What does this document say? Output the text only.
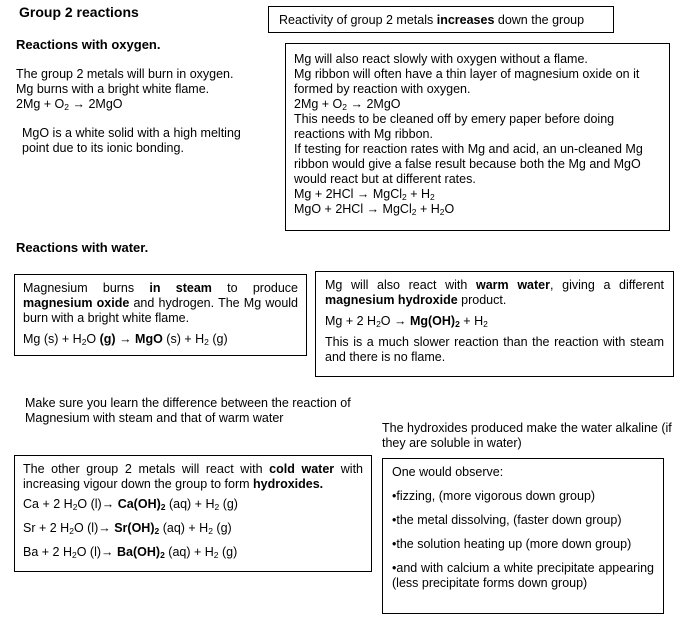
Group 2 reactions	Reactivity of group 2 metals increases down the group
Reactions with oxygen.
The group 2 metals will burn in oxygen.
Mg burns with a bright white flame.
$2Mg + O_2 \to 2MgO$
MgO is a white solid with a high melting point due to its ionic bonding.
Mg will also react slowly with oxygen without a flame.
Mg ribbon will often have a thin layer of magnesium oxide on it formed by reaction with oxygen.
$2Mg + O_2 \to 2MgO$
This needs to be cleaned off by emery paper before doing reactions with Mg ribbon.
If testing for reaction rates with Mg and acid, an un-cleaned Mg ribbon would give a false result because both the Mg and MgO would react but at different rates.
Mg + 2HCl → MgCl$_2$ + $H_2$
MgO + 2HCl → MgCl$_2$ + $H_2O$
Reactions with water.
Magnesium burns in steam to produce magnesium oxide and hydrogen. The Mg would burn with a bright white flame.
Mg $(s) + H_2O$ (g) → MgO $(s) + H_2$ (g)
Mg will also react with warm water, giving a different magnesium hydroxide product.
Mg + 2 $H_2O \to Mg(OH)_2 + H_2$
This is a much slower reaction than the reaction with steam and there is no flame.
Make sure you learn the difference between the reaction of Magnesium with steam and that of warm water
The hydroxides produced make the water alkaline (if they are soluble in water)
The other group 2 metals will react with cold water with increasing vigour down the group to form hydroxides.
Ca + 2 $H_2O$ $(l)\to Ca(OH)_2$ $(aq) + H_2$ (g)
Sr + 2 $H_2O$ $(l)\to Sr(OH)_2$ $(aq) + H_2$ (g)
Ba + 2 $H_2O$ $(l)\to Ba(OH)_2$ $(aq) + H_2$ (g)
One would observe:
•fizzing, (more vigorous down group)
•the metal dissolving, (faster down group)
•the solution heating up (more down group)
•and with calcium a white precipitate appearing (less precipitate forms down group)
